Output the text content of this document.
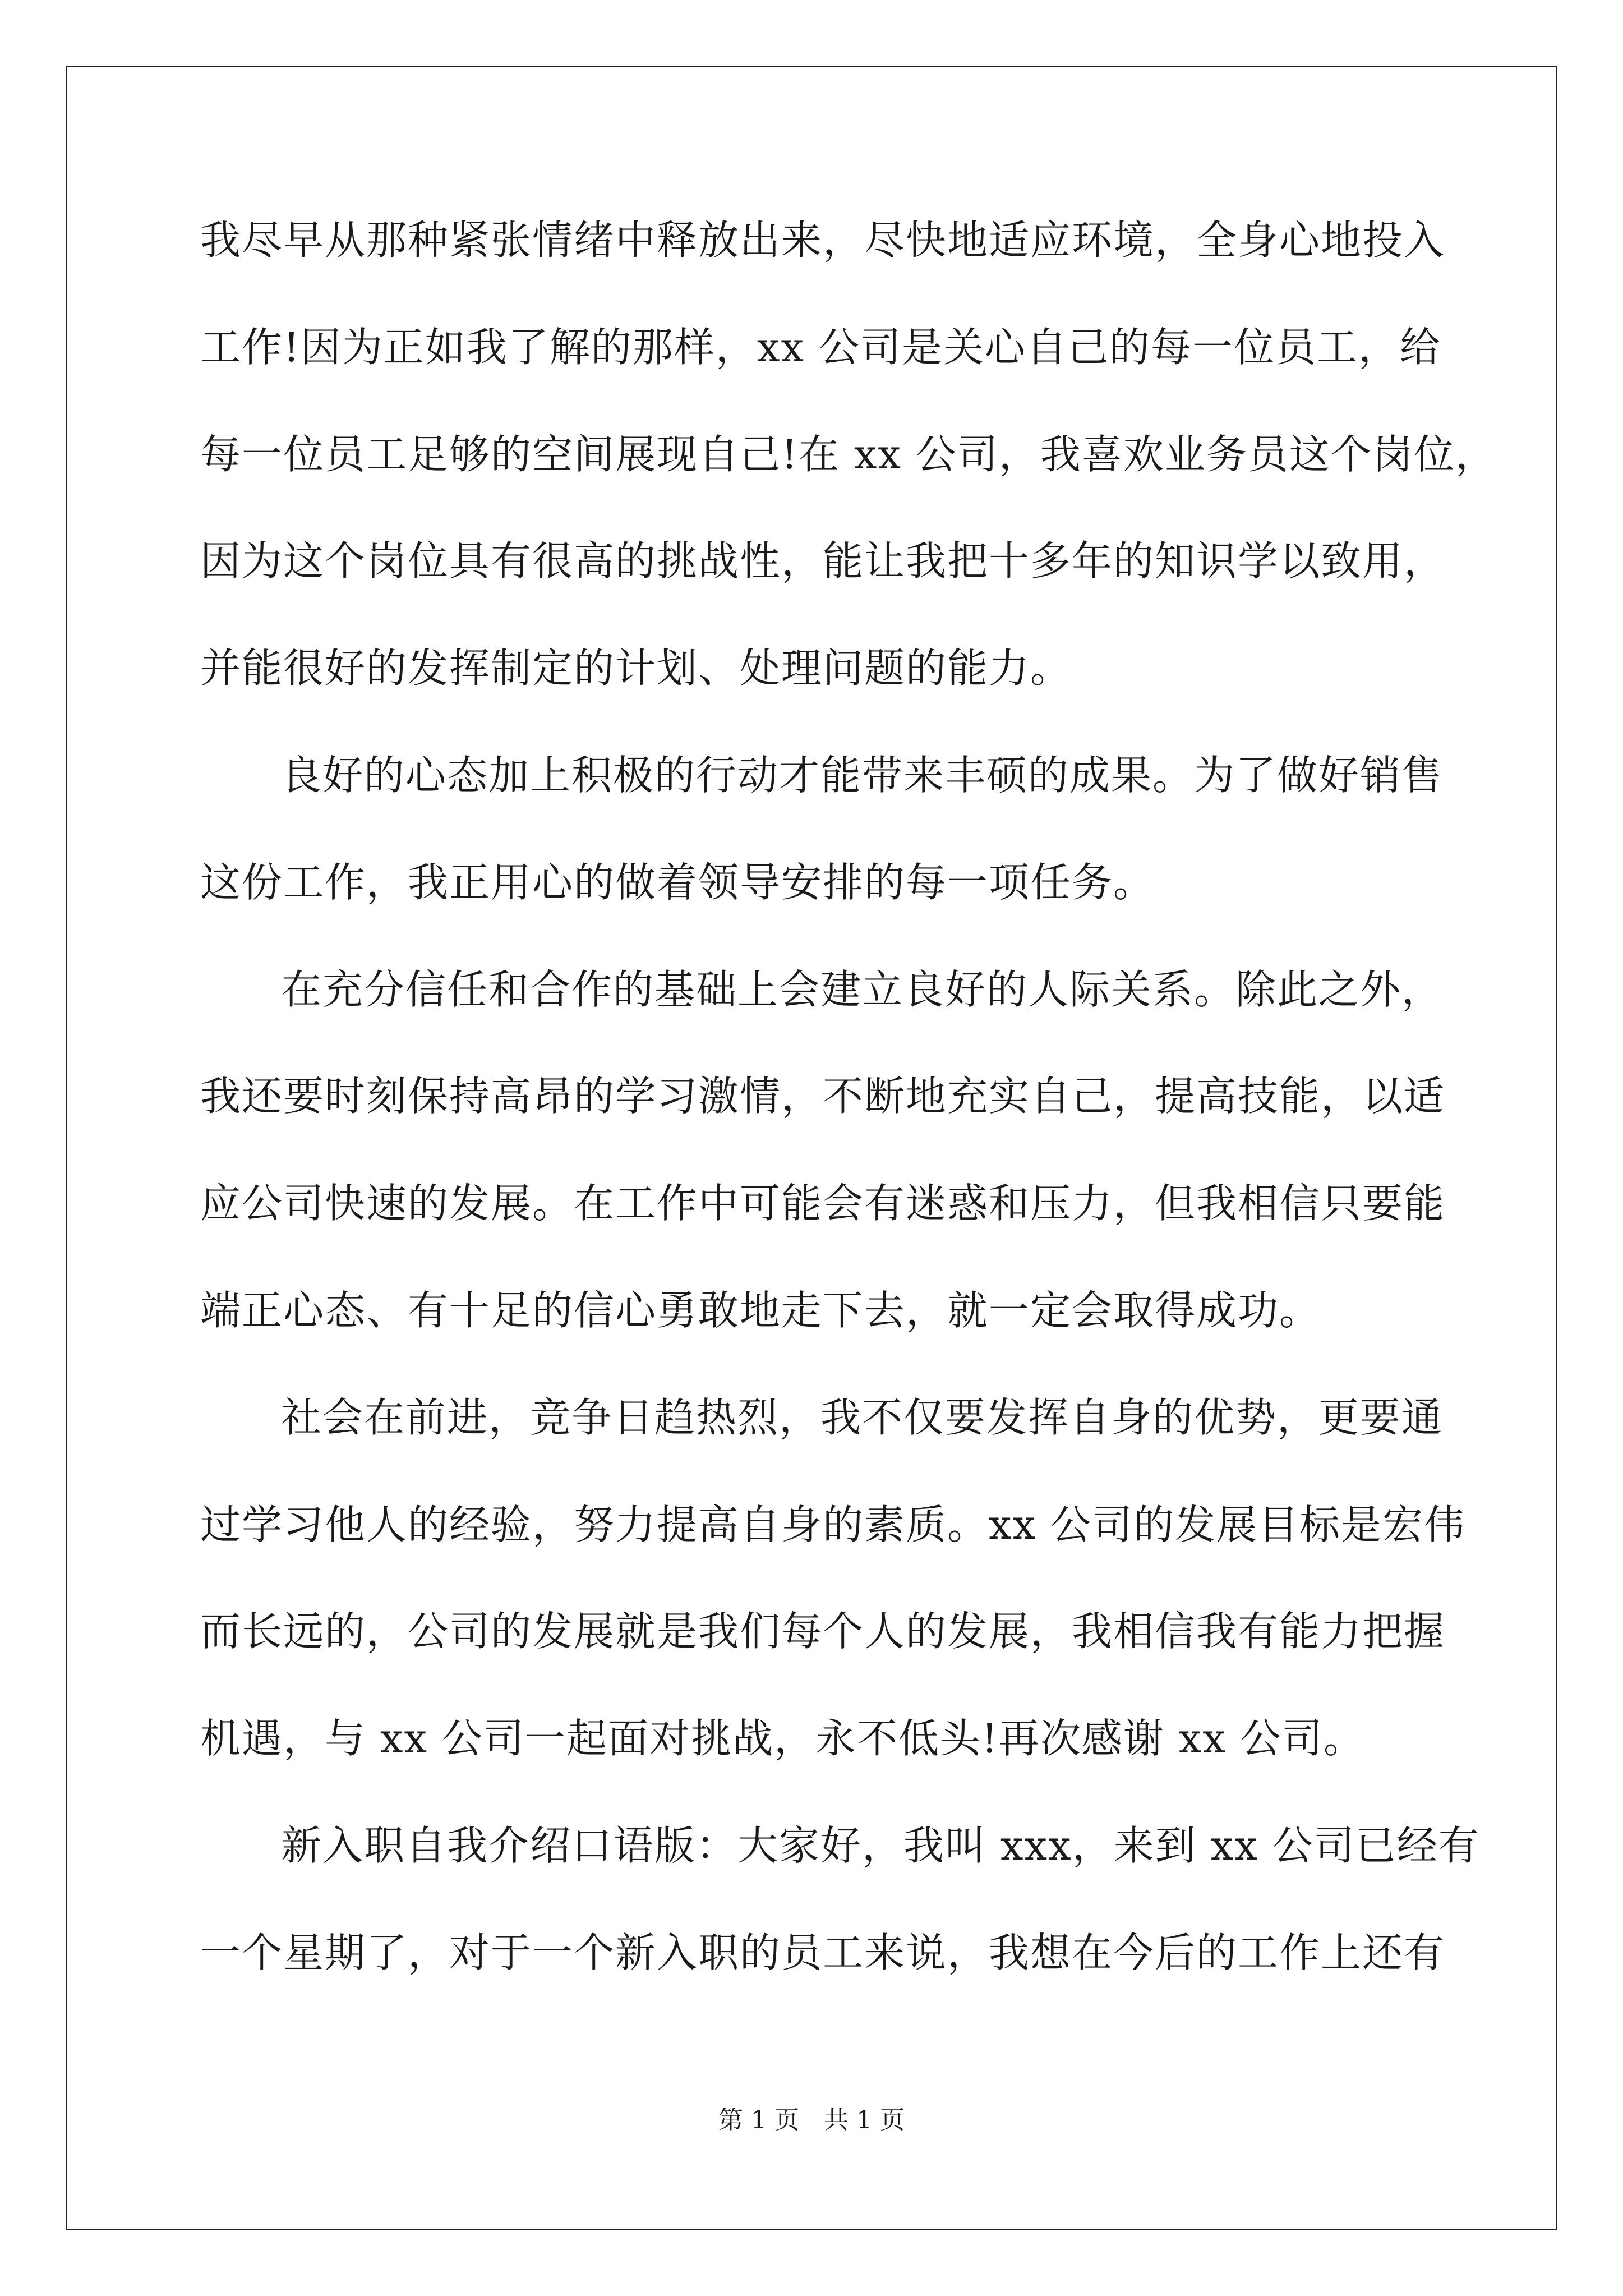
我尽早从那种紧张情绪中释放出来，尽快地适应环境，全身心地投入
工作!因为正如我了解的那样，xx 公司是关心自己的每一位员工，给
每一位员工足够的空间展现自己!在 xx 公司，我喜欢业务员这个岗位，
因为这个岗位具有很高的挑战性，能让我把十多年的知识学以致用，
并能很好的发挥制定的计划、处理问题的能力。
良好的心态加上积极的行动才能带来丰硕的成果。为了做好销售
这份工作，我正用心的做着领导安排的每一项任务。
在充分信任和合作的基础上会建立良好的人际关系。除此之外，
我还要时刻保持高昂的学习激情，不断地充实自己，提高技能，以适
应公司快速的发展。在工作中可能会有迷惑和压力，但我相信只要能
端正心态、有十足的信心勇敢地走下去，就一定会取得成功。
社会在前进，竞争日趋热烈，我不仅要发挥自身的优势，更要通
过学习他人的经验，努力提高自身的素质。xx 公司的发展目标是宏伟
而长远的，公司的发展就是我们每个人的发展，我相信我有能力把握
机遇，与 xx 公司一起面对挑战，永不低头!再次感谢 xx 公司。
新入职自我介绍口语版：大家好，我叫 xxx，来到 xx 公司已经有
一个星期了，对于一个新入职的员工来说，我想在今后的工作上还有
第 1 页　共 1 页
